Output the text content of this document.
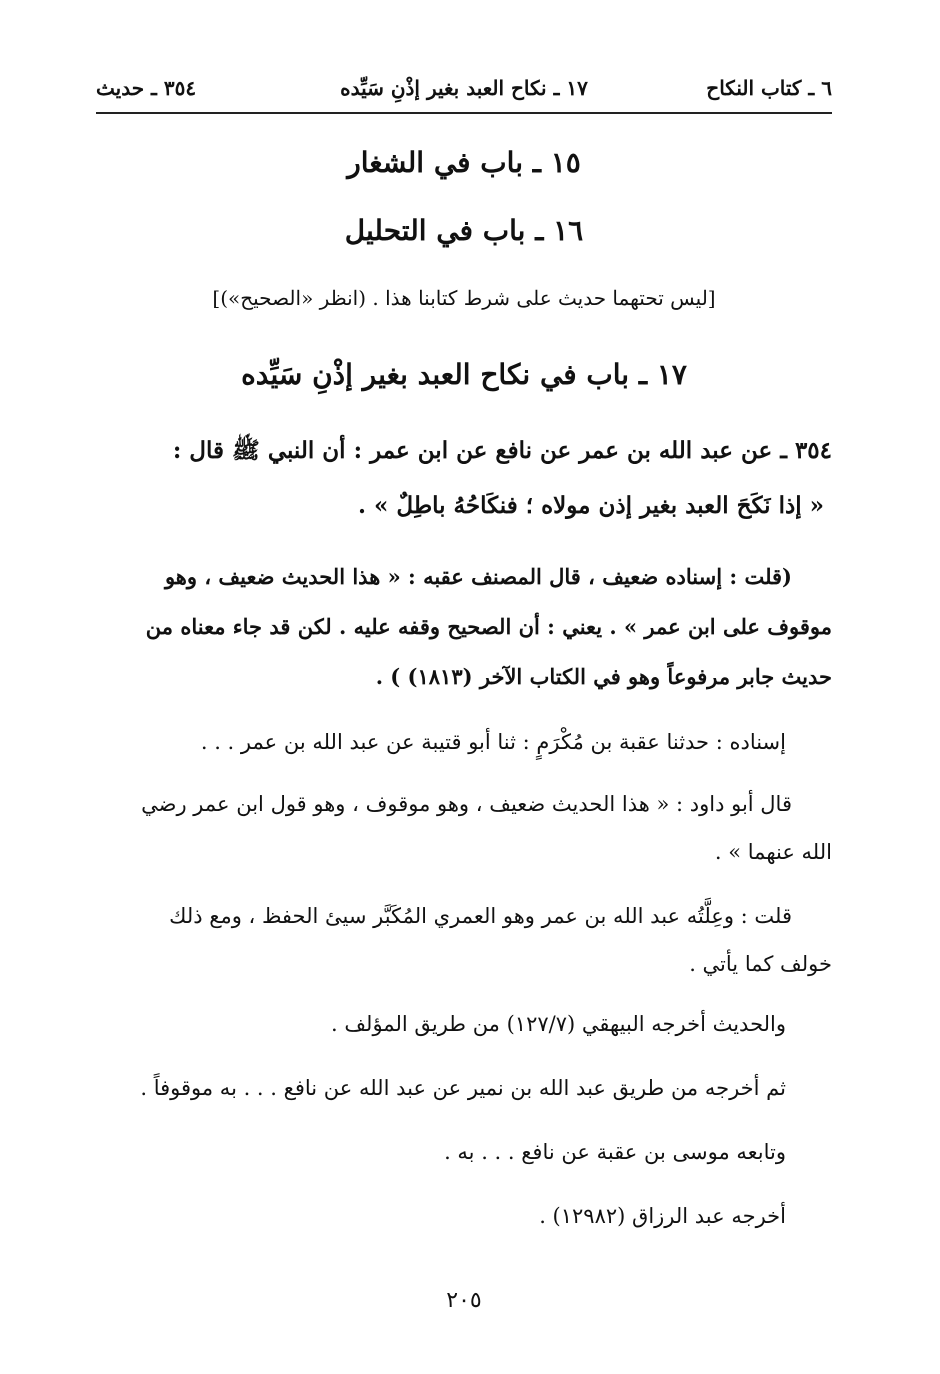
٦ ـ كتاب النكاح
١٧ ـ نكاح العبد بغير إذْنِ سَيِّده
٣٥٤ ـ حديث
١٥ ـ باب في الشغار
١٦ ـ باب في التحليل
[ليس تحتهما حديث على شرط كتابنا هذا . (انظر «الصحيح»)]
١٧ ـ باب في نكاح العبد بغير إذْنِ سَيِّده
٣٥٤ ـ عن عبد الله بن عمر عن نافع عن ابن عمر : أن النبي ﷺ قال :
« إذا نَكَحَ العبد بغير إذن مولاه ؛ فنكَاحُهُ باطِلٌ » .
(قلت : إسناده ضعيف ، قال المصنف عقبه : « هذا الحديث ضعيف ، وهو
موقوف على ابن عمر » . يعني : أن الصحيح وقفه عليه . لكن قد جاء معناه من
حديث جابر مرفوعاً وهو في الكتاب الآخر (١٨١٣) ) .
إسناده : حدثنا عقبة بن مُكْرَمٍ : ثنا أبو قتيبة عن عبد الله بن عمر . . .
قال أبو داود : « هذا الحديث ضعيف ، وهو موقوف ، وهو قول ابن عمر رضي
الله عنهما » .
قلت : وعِلَّتُه عبد الله بن عمر وهو العمري المُكَبَّر سيئ الحفظ ، ومع ذلك
خولف كما يأتي .
والحديث أخرجه البيهقي (١٢٧/٧) من طريق المؤلف .
ثم أخرجه من طريق عبد الله بن نمير عن عبد الله عن نافع . . . به موقوفاً .
وتابعه موسى بن عقبة عن نافع . . . به .
أخرجه عبد الرزاق (١٢٩٨٢) .
٢٠٥
